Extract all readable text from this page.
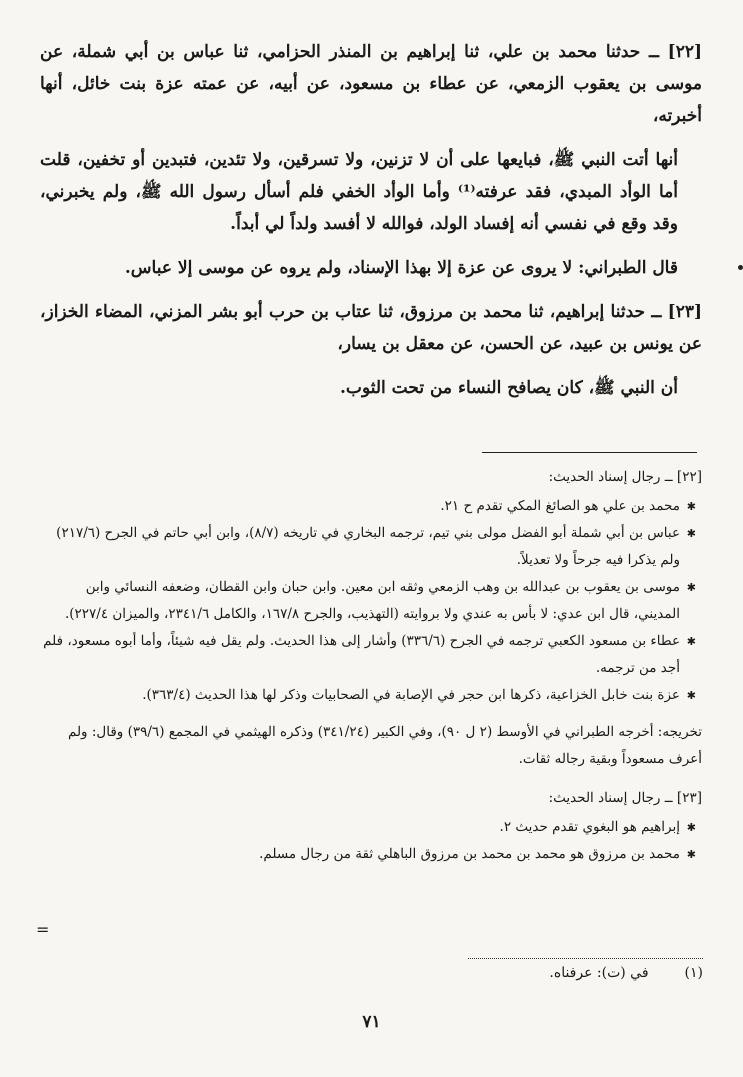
[٢٢] ــ حدثنا محمد بن علي، ثنا إبراهيم بن المنذر الحزامي، ثنا عباس بن أبي شملة، عن موسى بن يعقوب الزمعي، عن عطاء بن مسعود، عن أبيه، عن عمته عزة بنت خائل، أنها أخبرته،

أنها أتت النبي ﷺ، فبايعها على أن لا تزنين، ولا تسرقين، ولا تئدين، فتبدين أو تخفين، قلت أما الوأد المبدي، فقد عرفته⁽¹⁾ وأما الوأد الخفي فلم أسأل رسول الله ﷺ، ولم يخبرني، وقد وقع في نفسي أنه إفساد الولد، فوالله لا أفسد ولداً لي أبداً.

قال الطبراني: لا يروى عن عزة إلا بهذا الإسناد، ولم يروه عن موسى إلا عباس.

[٢٣] ــ حدثنا إبراهيم، ثنا محمد بن مرزوق، ثنا عتاب بن حرب أبو بشر المزني، المضاء الخزاز، عن يونس بن عبيد، عن الحسن، عن معقل بن يسار،

أن النبي ﷺ، كان يصافح النساء من تحت الثوب.

[٢٢] ــ رجال إسناد الحديث:

✱ محمد بن علي هو الصائغ المكي تقدم ح ٢١.

✱ عباس بن أبي شملة أبو الفضل مولى بني تيم، ترجمه البخاري في تاريخه (٨/٧)، وابن أبي حاتم في الجرح (٢١٧/٦) ولم يذكرا فيه جرحاً ولا تعديلاً.

✱ موسى بن يعقوب بن عبدالله بن وهب الزمعي وثقه ابن معين. وابن حبان وابن القطان، وضعفه النسائي وابن المديني، قال ابن عدي: لا بأس به عندي ولا بروايته (التهذيب، والجرح ١٦٧/٨، والكامل ٢٣٤١/٦، والميزان ٢٢٧/٤).

✱ عطاء بن مسعود الكعبي ترجمه في الجرح (٣٣٦/٦) وأشار إلى هذا الحديث. ولم يقل فيه شيئاً، وأما أبوه مسعود، فلم أجد من ترجمه.

✱ عزة بنت خابل الخزاعية، ذكرها ابن حجر في الإصابة في الصحابيات وذكر لها هذا الحديث (٣٦٣/٤).

تخريجه: أخرجه الطبراني في الأوسط (٢ ل ٩٠)، وفي الكبير (٣٤١/٢٤) وذكره الهيثمي في المجمع (٣٩/٦) وقال: ولم أعرف مسعوداً وبقية رجاله ثقات.

[٢٣] ــ رجال إسناد الحديث:

✱ إبراهيم هو البغوي تقدم حديث ٢.

✱ محمد بن مرزوق هو محمد بن محمد بن مرزوق الباهلي ثقة من رجال مسلم.

(١) في (ت): عرفناه.
٧١
=
